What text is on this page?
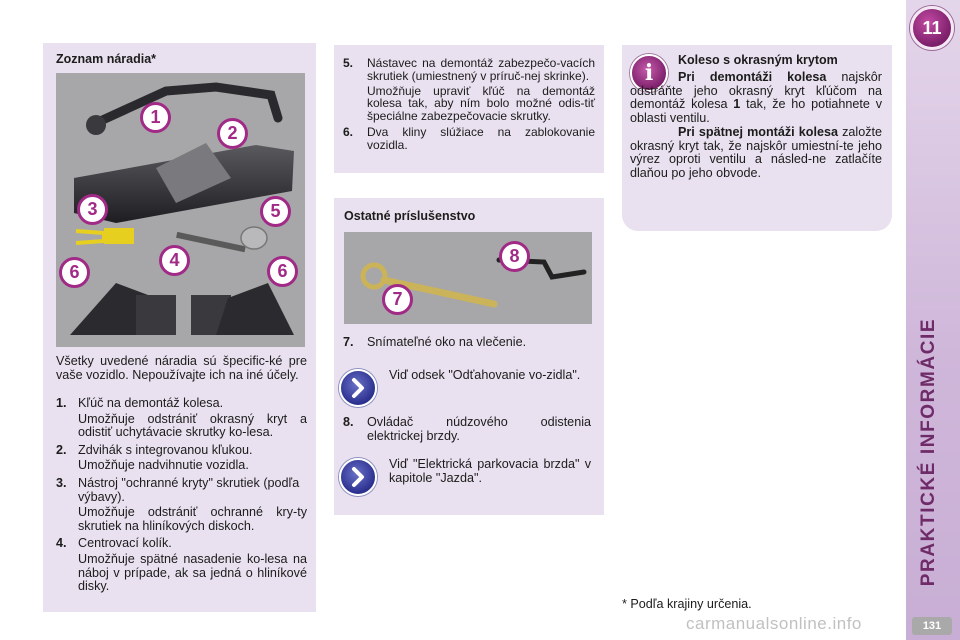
Zoznam náradia*
1
2
3	5
6
4
6
Všetky uvedené náradia sú špecific-ké pre vaše vozidlo. Nepoužívajte ich na iné účely.
1. Kľúč na demontáž kolesa.
Umožňuje odstrániť okrasný kryt a odistiť uchytávacie skrutky ko-lesa.
2. Zdvihák s integrovanou kľukou.
Umožňuje nadvihnutie vozidla.
3. Nástroj "ochranné kryty" skrutiek (podľa výbavy).
Umožňuje odstrániť ochranné kry-ty skrutiek na hliníkových diskoch.
4. Centrovací kolík.
Umožňuje spätné nasadenie ko-lesa na náboj v prípade, ak sa jedná o hliníkové disky.
5.	Nástavec na demontáž zabezpečo-vacích skrutiek (umiestnený v príruč-nej skrinke).
Umožňuje upraviť kľúč na demontáž kolesa tak, aby ním bolo možné odis-tiť špeciálne zabezpečovacie skrutky.
6.	Dva kliny slúžiace na zablokovanie vozidla.
Ostatné príslušenstvo
8
7
7.	Snímateľné oko na vlečenie.
Viď odsek "Odťahovanie vo-zidla".
8.	Ovládač núdzového odistenia elektrickej brzdy.
Viď "Elektrická parkovacia brzda" v kapitole "Jazda".
i	Koleso s okrasným krytom
Pri demontáži kolesa najskôr odstráňte jeho okrasný kryt kľúčom na demontáž kolesa 1 tak, že ho potiahnete v oblasti ventilu.
Pri spätnej montáži kolesa založte okrasný kryt tak, že najskôr umiestní-te jeho výrez oproti ventilu a násled-ne zatlačíte dlaňou po jeho obvode.
* Podľa krajiny určenia.
11
PRAKTICKÉ INFORMÁCIE
131
carmanualsonline.info
